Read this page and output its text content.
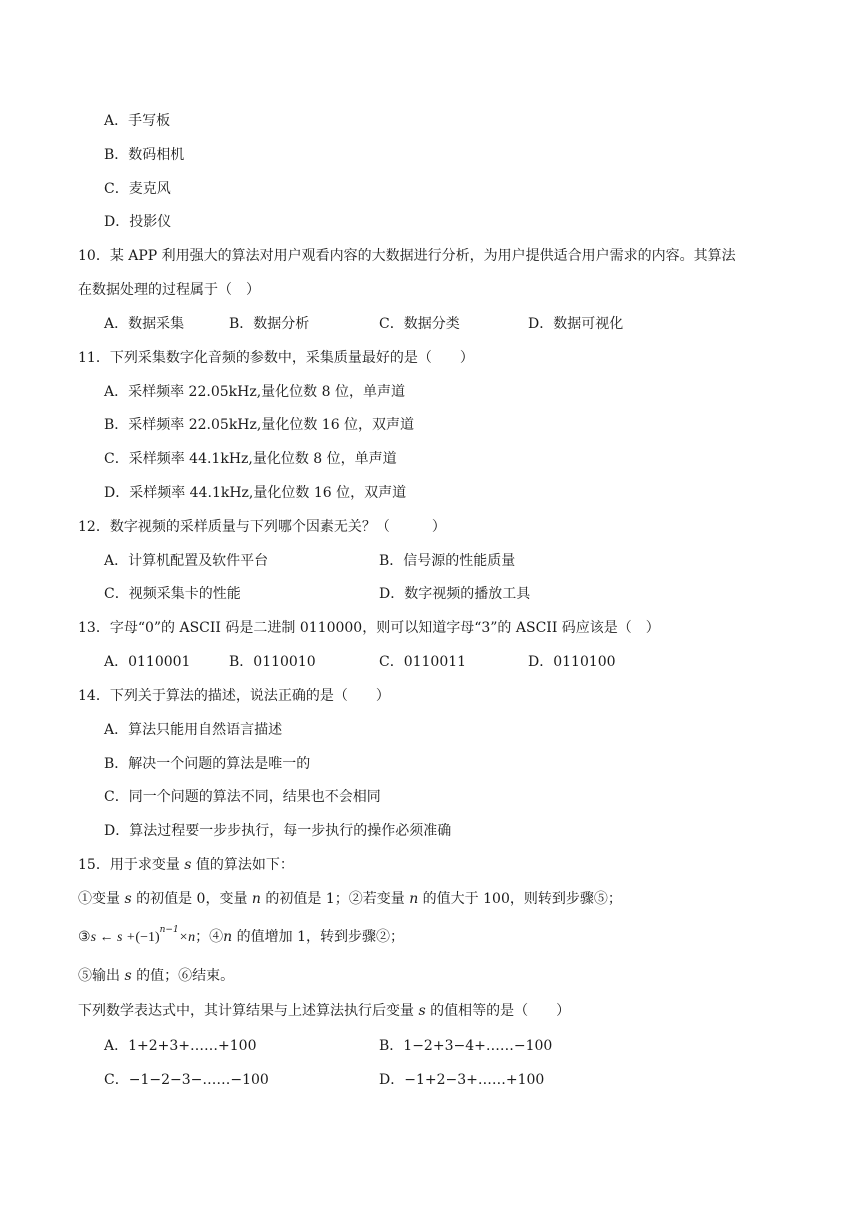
A．手写板
B．数码相机
C．麦克风
D．投影仪
10．某 APP 利用强大的算法对用户观看内容的大数据进行分析，为用户提供适合用户需求的内容。其算法
在数据处理的过程属于（　）
A．数据采集	B．数据分析	C．数据分类	D．数据可视化
11．下列采集数字化音频的参数中，采集质量最好的是（　　）
A．采样频率 22.05kHz,量化位数 8 位，单声道
B．采样频率 22.05kHz,量化位数 16 位，双声道
C．采样频率 44.1kHz,量化位数 8 位，单声道
D．采样频率 44.1kHz,量化位数 16 位，双声道
12．数字视频的采样质量与下列哪个因素无关？（　　　）
A．计算机配置及软件平台	B．信号源的性能质量
C．视频采集卡的性能	D．数字视频的播放工具
13．字母“0”的 ASCII 码是二进制 0110000，则可以知道字母“3”的 ASCII 码应该是（　）
A．0110001	B．0110010	C．0110011	D．0110100
14．下列关于算法的描述，说法正确的是（　　）
A．算法只能用自然语言描述
B．解决一个问题的算法是唯一的
C．同一个问题的算法不同，结果也不会相同
D．算法过程要一步步执行，每一步执行的操作必须准确
15．用于求变量 s 值的算法如下：
①变量 s 的初值是 0，变量 n 的初值是 1；②若变量 n 的值大于 100，则转到步骤⑤；
③s ← $s +(-1)^{n-1}\times n$；④n 的值增加 1，转到步骤②；
⑤输出 s 的值；⑥结束。
下列数学表达式中，其计算结果与上述算法执行后变量 s 的值相等的是（　　）
A．1+2+3+……+100	B．1−2+3−4+……−100
C．−1−2−3−……−100	D．−1+2−3+……+100
